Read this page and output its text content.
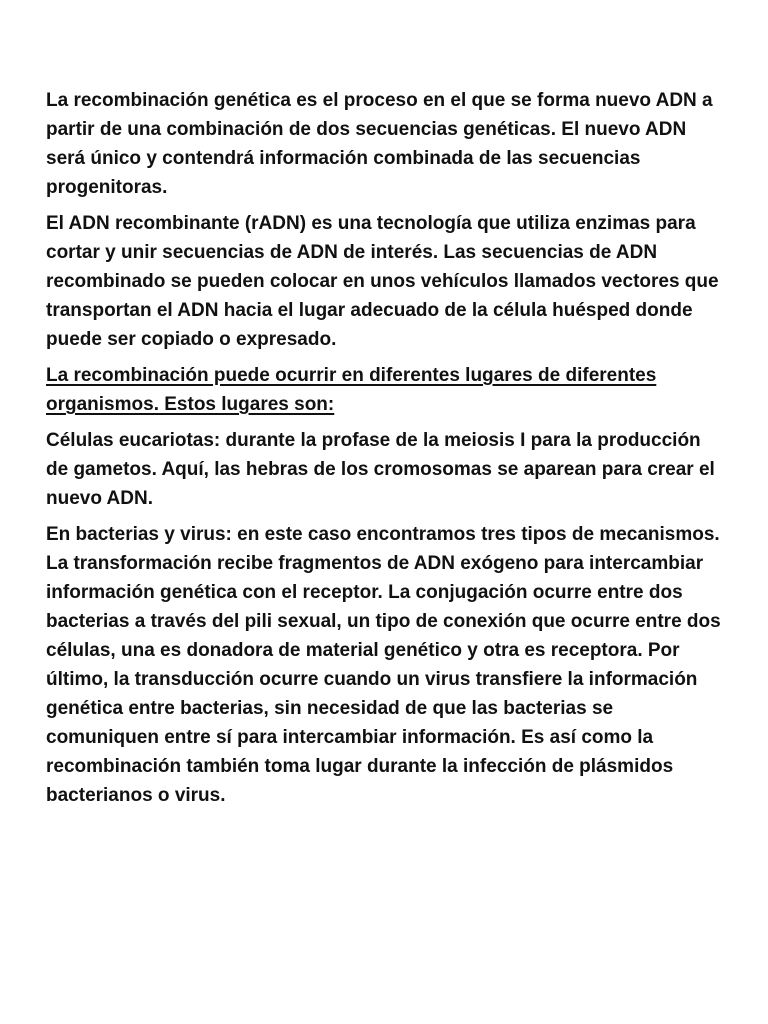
La recombinación genética es el proceso en el que se forma nuevo ADN a partir de una combinación de dos secuencias genéticas. El nuevo ADN será único y contendrá información combinada de las secuencias progenitoras.

El ADN recombinante (rADN) es una tecnología que utiliza enzimas para cortar y unir secuencias de ADN de interés. Las secuencias de ADN recombinado se pueden colocar en unos vehículos llamados vectores que transportan el ADN hacia el lugar adecuado de la célula huésped donde puede ser copiado o expresado.

La recombinación puede ocurrir en diferentes lugares de diferentes organismos. Estos lugares son:

Células eucariotas: durante la profase de la meiosis I para la producción de gametos. Aquí, las hebras de los cromosomas se aparean para crear el nuevo ADN.

En bacterias y virus: en este caso encontramos tres tipos de mecanismos. La transformación recibe fragmentos de ADN exógeno para intercambiar información genética con el receptor. La conjugación ocurre entre dos bacterias a través del pili sexual, un tipo de conexión que ocurre entre dos células, una es donadora de material genético y otra es receptora. Por último, la transducción ocurre cuando un virus transfiere la información genética entre bacterias, sin necesidad de que las bacterias se comuniquen entre sí para intercambiar información. Es así como la recombinación también toma lugar durante la infección de plásmidos bacterianos o virus.
